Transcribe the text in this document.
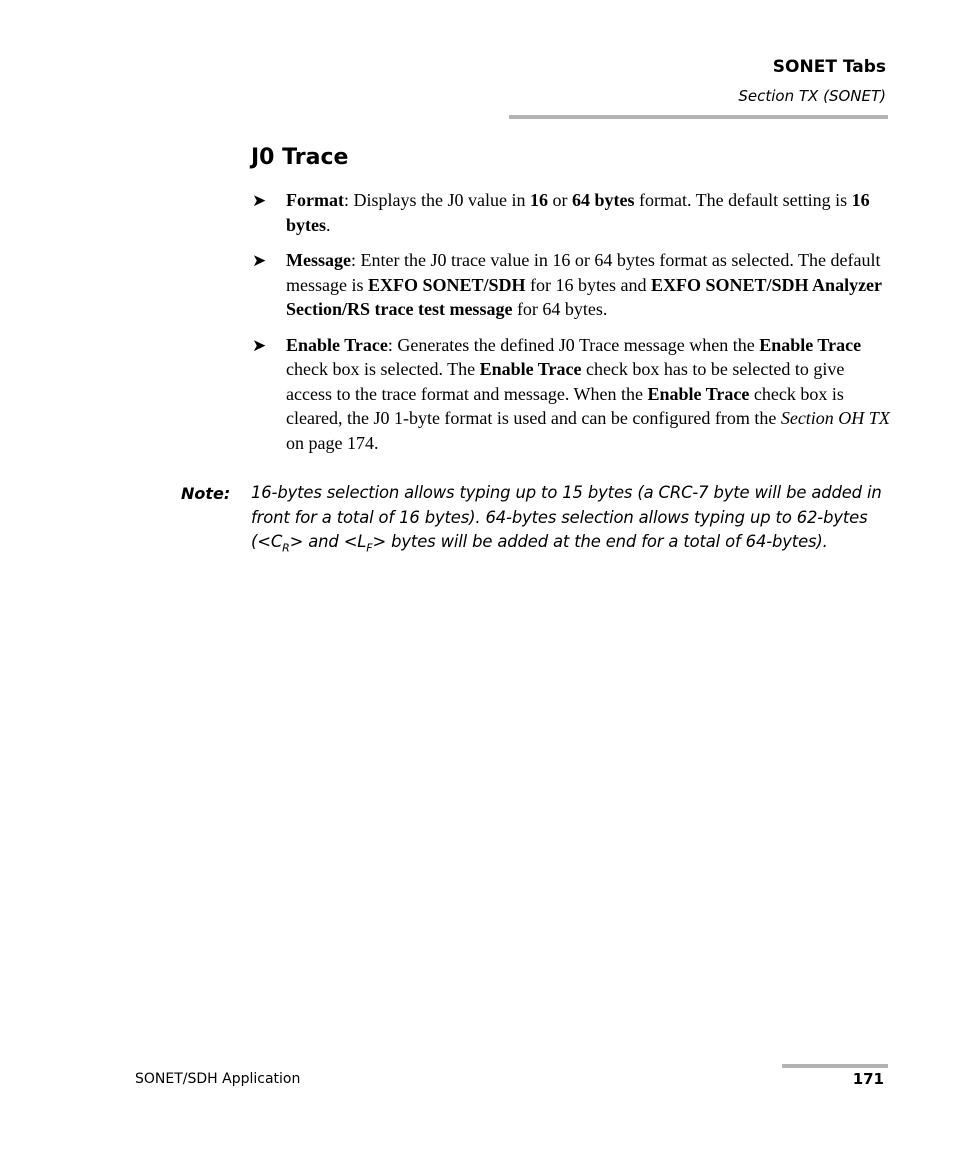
SONET Tabs
Section TX (SONET)
J0 Trace
➤ Format: Displays the J0 value in 16 or 64 bytes format. The default setting is 16 bytes.
➤ Message: Enter the J0 trace value in 16 or 64 bytes format as selected. The default message is EXFO SONET/SDH for 16 bytes and EXFO SONET/SDH Analyzer Section/RS trace test message for 64 bytes.
➤ Enable Trace: Generates the defined J0 Trace message when the Enable Trace check box is selected. The Enable Trace check box has to be selected to give access to the trace format and message. When the Enable Trace check box is cleared, the J0 1-byte format is used and can be configured from the Section OH TX on page 174.
Note: 16-bytes selection allows typing up to 15 bytes (a CRC-7 byte will be added in front for a total of 16 bytes). 64-bytes selection allows typing up to 62-bytes ($<C_R>$ and $<L_F>$ bytes will be added at the end for a total of 64-bytes).
SONET/SDH Application	171
